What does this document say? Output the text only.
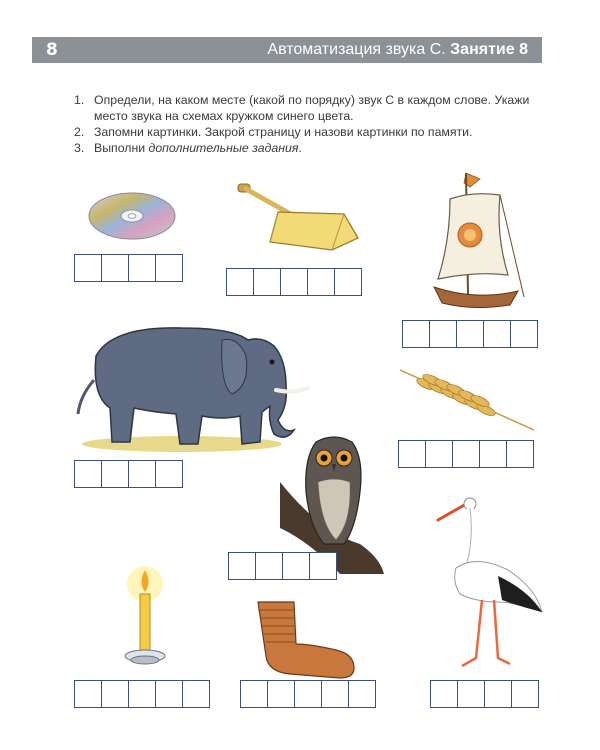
8	Автоматизация звука С. Занятие 8

1. Определи, на каком месте (какой по порядку) звук С в каждом слове. Укажи место звука на схемах кружком синего цвета.

2. Запомни картинки. Закрой страницу и назови картинки по памяти.

3. Выполни дополнительные задания.
